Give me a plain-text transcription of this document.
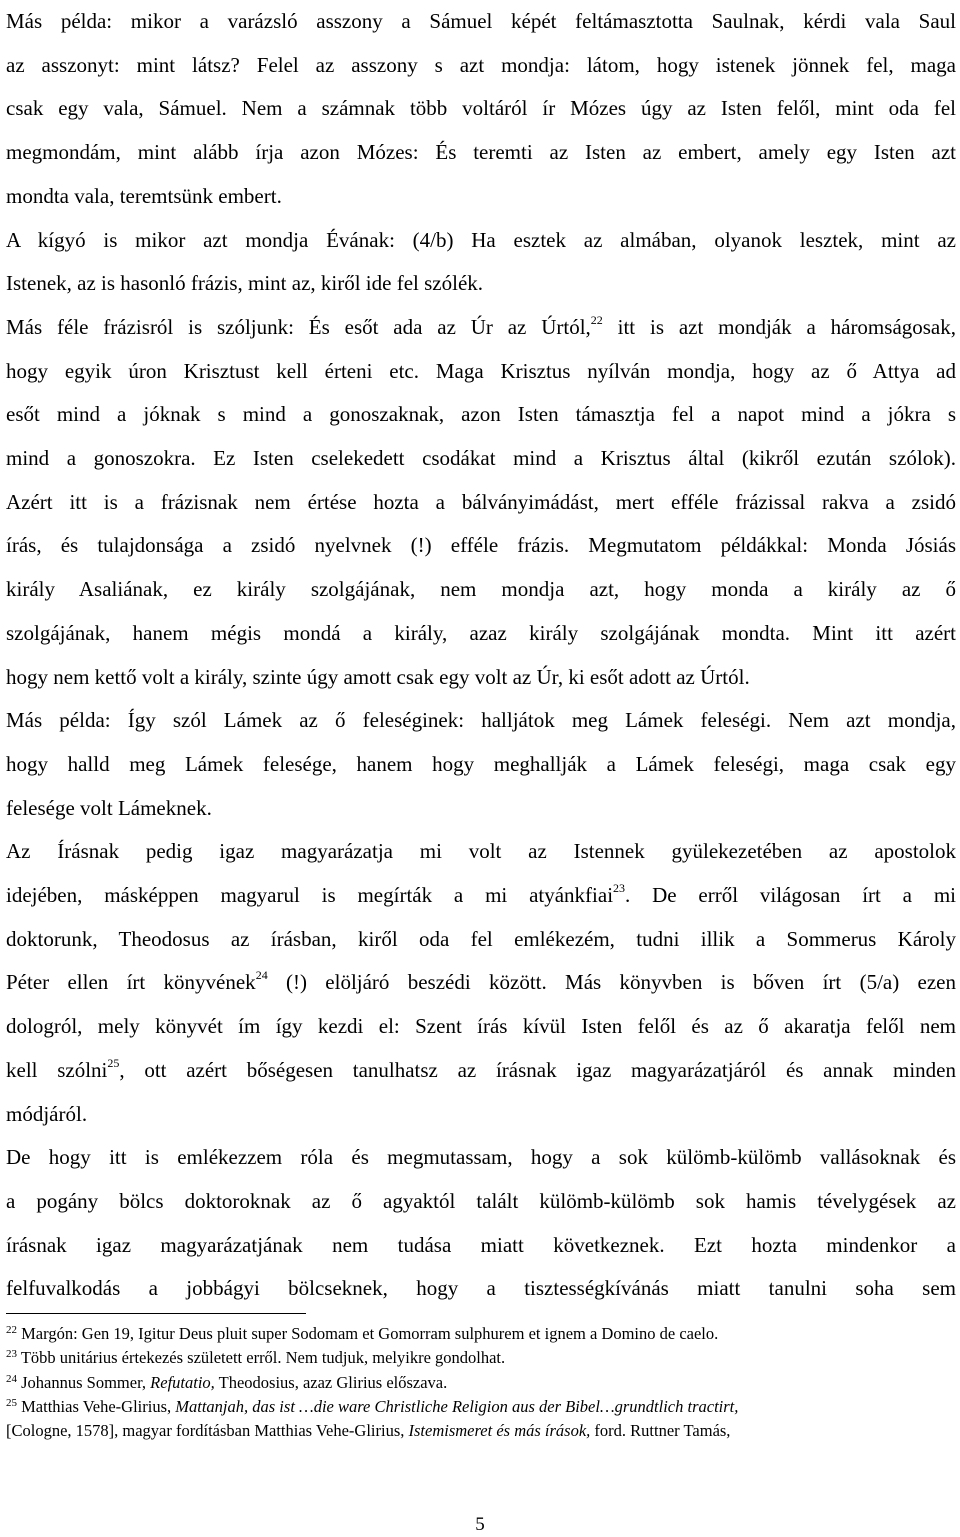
Más példa: mikor a varázsló asszony a Sámuel képét feltámasztotta Saulnak, kérdi vala Saul
az asszonyt: mint látsz? Felel az asszony s azt mondja: látom, hogy istenek jönnek fel, maga
csak egy vala, Sámuel. Nem a számnak több voltáról ír Mózes úgy az Isten felől, mint oda fel
megmondám, mint alább írja azon Mózes: És teremti az Isten az embert, amely egy Isten azt
mondta vala, teremtsünk embert.
A kígyó is mikor azt mondja Évának: (4/b) Ha esztek az almában, olyanok lesztek, mint az
Istenek, az is hasonló frázis, mint az, kiről ide fel szólék.
Más féle frázisról is szóljunk: És esőt ada az Úr az Úrtól,$^{22}$ itt is azt mondják a háromságosak,
hogy egyik úron Krisztust kell érteni etc. Maga Krisztus nyílván mondja, hogy az ő Attya ad
esőt mind a jóknak s mind a gonoszaknak, azon Isten támasztja fel a napot mind a jókra s
mind a gonoszokra. Ez Isten cselekedett csodákat mind a Krisztus által (kikről ezután szólok).
Azért itt is a frázisnak nem értése hozta a bálványimádást, mert efféle frázissal rakva a zsidó
írás, és tulajdonsága a zsidó nyelvnek (!) efféle frázis. Megmutatom példákkal: Monda Jósiás
király Asaliának, ez király szolgájának, nem mondja azt, hogy monda a király az ő
szolgájának, hanem mégis mondá a király, azaz király szolgájának mondta. Mint itt azért
hogy nem kettő volt a király, szinte úgy amott csak egy volt az Úr, ki esőt adott az Úrtól.
Más példa: Így szól Lámek az ő feleséginek: halljátok meg Lámek feleségi. Nem azt mondja,
hogy halld meg Lámek felesége, hanem hogy meghallják a Lámek feleségi, maga csak egy
felesége volt Lámeknek.
Az Írásnak pedig igaz magyarázatja mi volt az Istennek gyülekezetében az apostolok
idejében, másképpen magyarul is megírták a mi atyánkfiai$^{23}$. De erről világosan írt a mi
doktorunk, Theodosus az írásban, kiről oda fel emlékezém, tudni illik a Sommerus Károly
Péter ellen írt könyvének$^{24}$ (!) elöljáró beszédi között. Más könyvben is bőven írt (5/a) ezen
dologról, mely könyvét ím így kezdi el: Szent írás kívül Isten felől és az ő akaratja felől nem
kell szólni$^{25}$, ott azért bőségesen tanulhatsz az írásnak igaz magyarázatjáról és annak minden
módjáról.
De hogy itt is emlékezzem róla és megmutassam, hogy a sok külömb-külömb vallásoknak és
a pogány bölcs doktoroknak az ő agyaktól talált külömb-külömb sok hamis tévelygések az
írásnak igaz magyarázatjának nem tudása miatt következnek. Ezt hozta mindenkor a
felfuvalkodás a jobbágyi bölcseknek, hogy a tisztességkívánás miatt tanulni soha sem
$^{22}$ Margón: Gen 19, Igitur Deus pluit super Sodomam et Gomorram sulphurem et ignem a Domino de caelo.
$^{23}$ Több unitárius értekezés született erről. Nem tudjuk, melyikre gondolhat.
$^{24}$ Johannus Sommer, Refutatio, Theodosius, azaz Glirius előszava.
$^{25}$ Matthias Vehe-Glirius, Mattanjah, das ist …die ware Christliche Religion aus der Bibel…grundtlich tractirt,
[Cologne, 1578], magyar fordításban Matthias Vehe-Glirius, Istemismeret és más írások, ford. Ruttner Tamás,
5
